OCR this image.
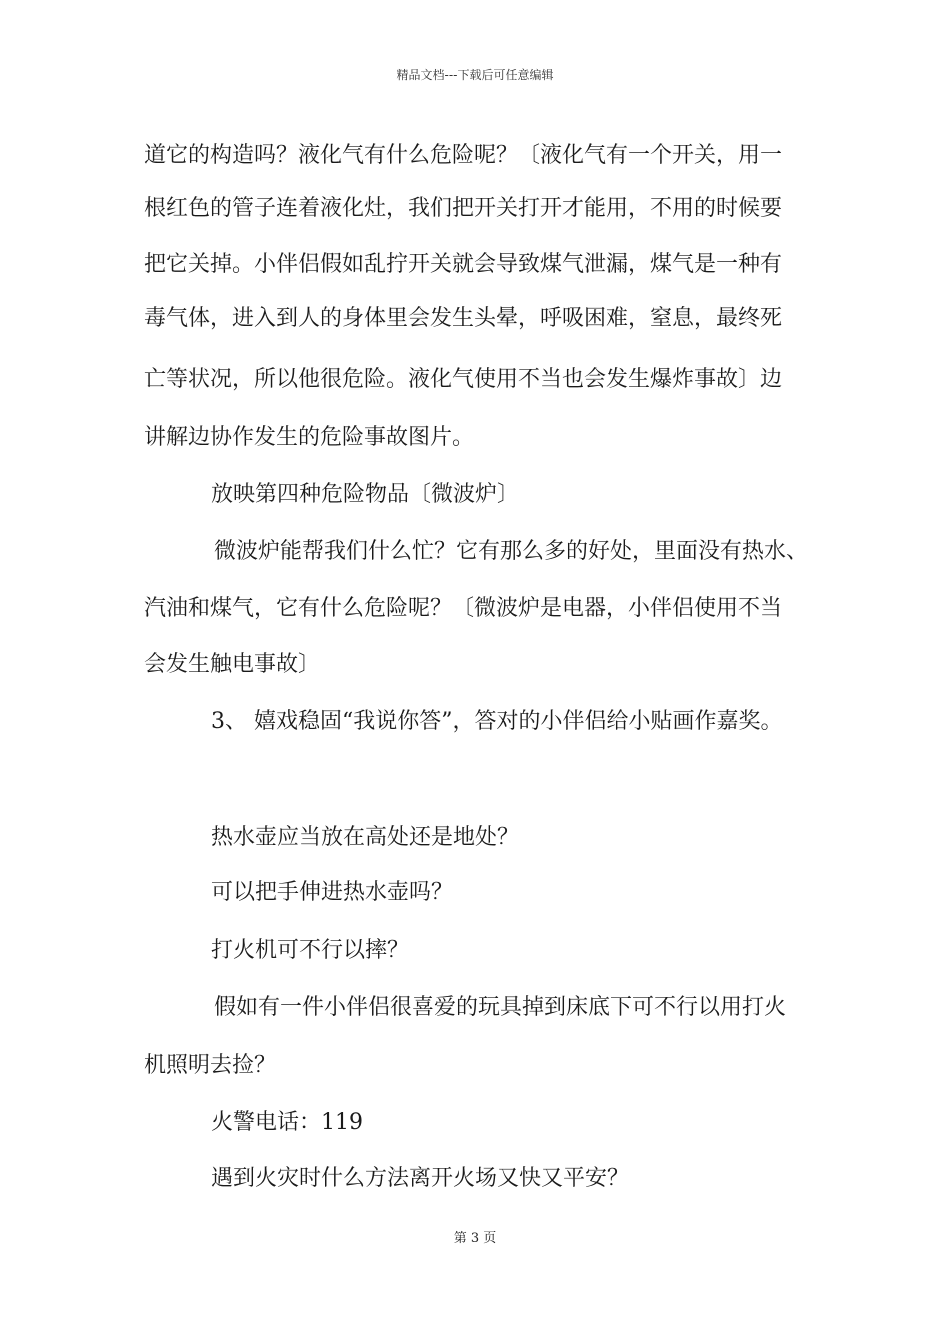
精品文档---下载后可任意编辑
道它的构造吗？液化气有什么危险呢？〔液化气有一个开关，用一
根红色的管子连着液化灶，我们把开关打开才能用，不用的时候要
把它关掉。小伴侣假如乱拧开关就会导致煤气泄漏，煤气是一种有
毒气体，进入到人的身体里会发生头晕，呼吸困难，窒息，最终死
亡等状况，所以他很危险。液化气使用不当也会发生爆炸事故〕边
讲解边协作发生的危险事故图片。
放映第四种危险物品〔微波炉〕
微波炉能帮我们什么忙？它有那么多的好处，里面没有热水、
汽油和煤气，它有什么危险呢？〔微波炉是电器，小伴侣使用不当
会发生触电事故〕
3、 嬉戏稳固“我说你答”，答对的小伴侣给小贴画作嘉奖。
热水壶应当放在高处还是地处？
可以把手伸进热水壶吗？
打火机可不行以摔？
假如有一件小伴侣很喜爱的玩具掉到床底下可不行以用打火
机照明去捡？
火警电话：119
遇到火灾时什么方法离开火场又快又平安？
第 3 页
